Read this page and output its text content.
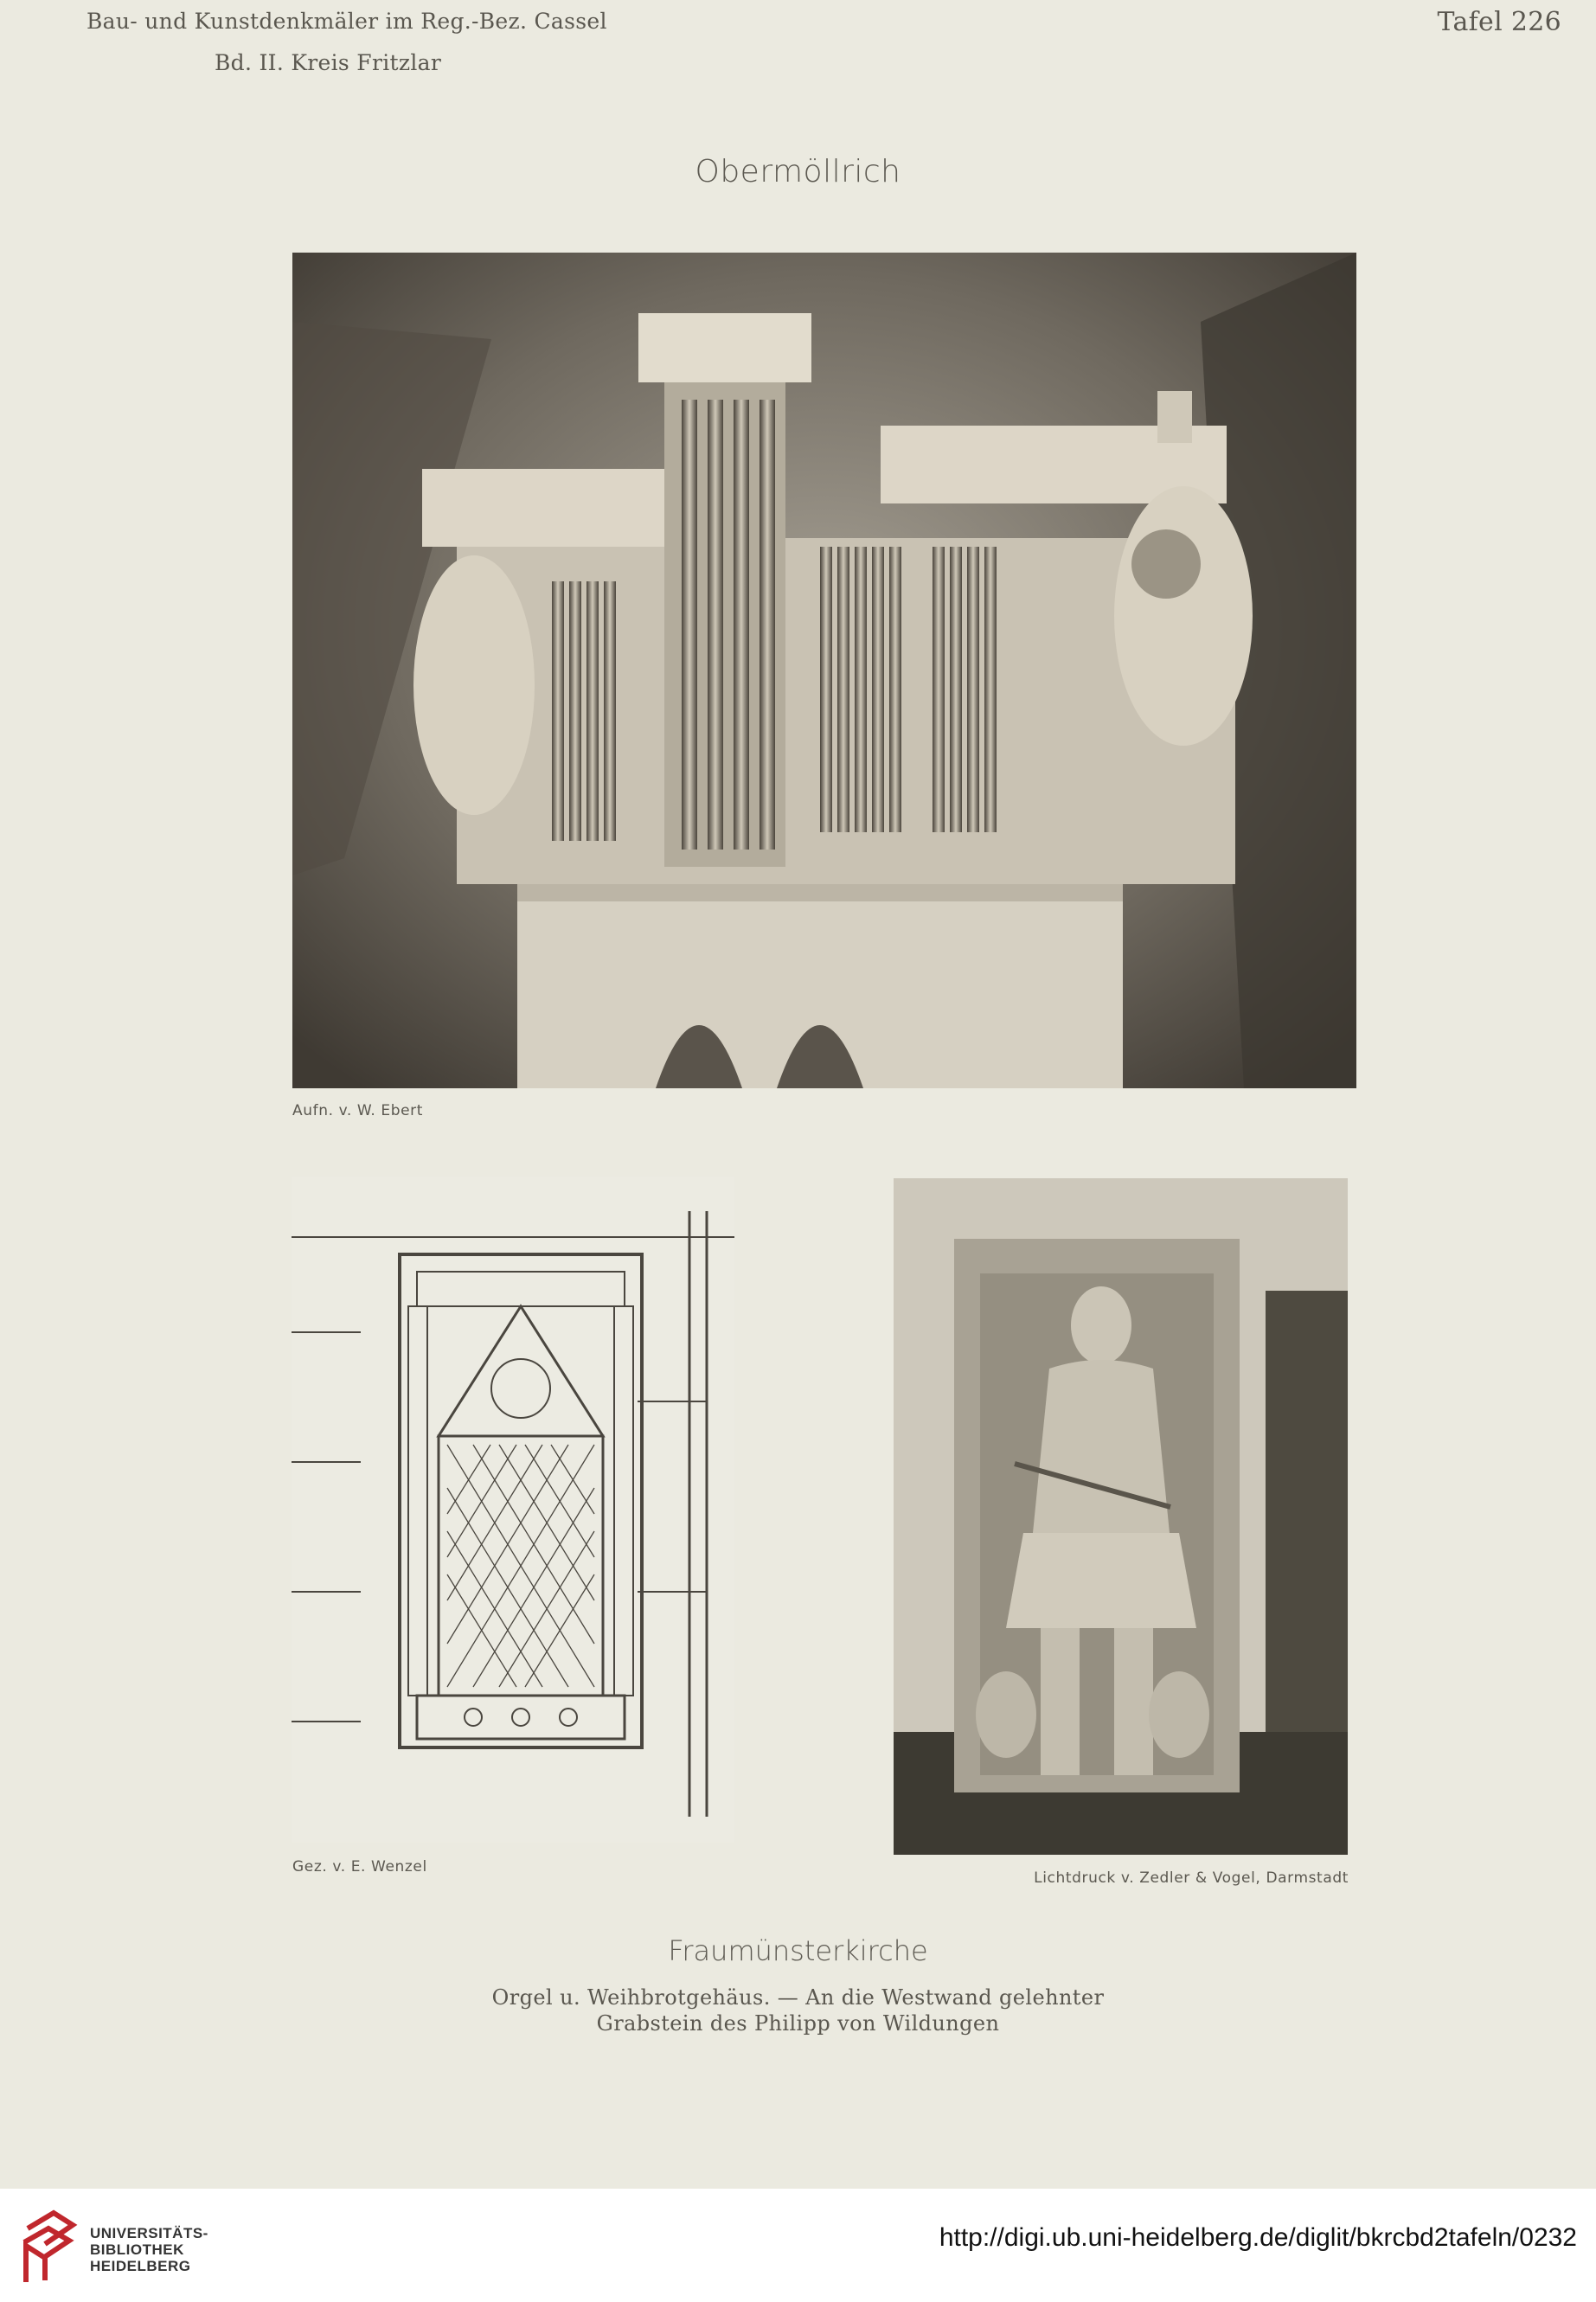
Bau- und Kunstdenkmäler im Reg.-Bez. Cassel
Bd. II. Kreis Fritzlar
Tafel 226
Obermöllrich
Aufn. v. W. Ebert
Gez. v. E. Wenzel
Lichtdruck v. Zedler & Vogel, Darmstadt
Fraumünsterkirche
Orgel u. Weihbrotgehäus. — An die Westwand gelehnter
Grabstein des Philipp von Wildungen
UNIVERSITÄTS-
BIBLIOTHEK
HEIDELBERG
http://digi.ub.uni-heidelberg.de/diglit/bkrcbd2tafeln/0232
